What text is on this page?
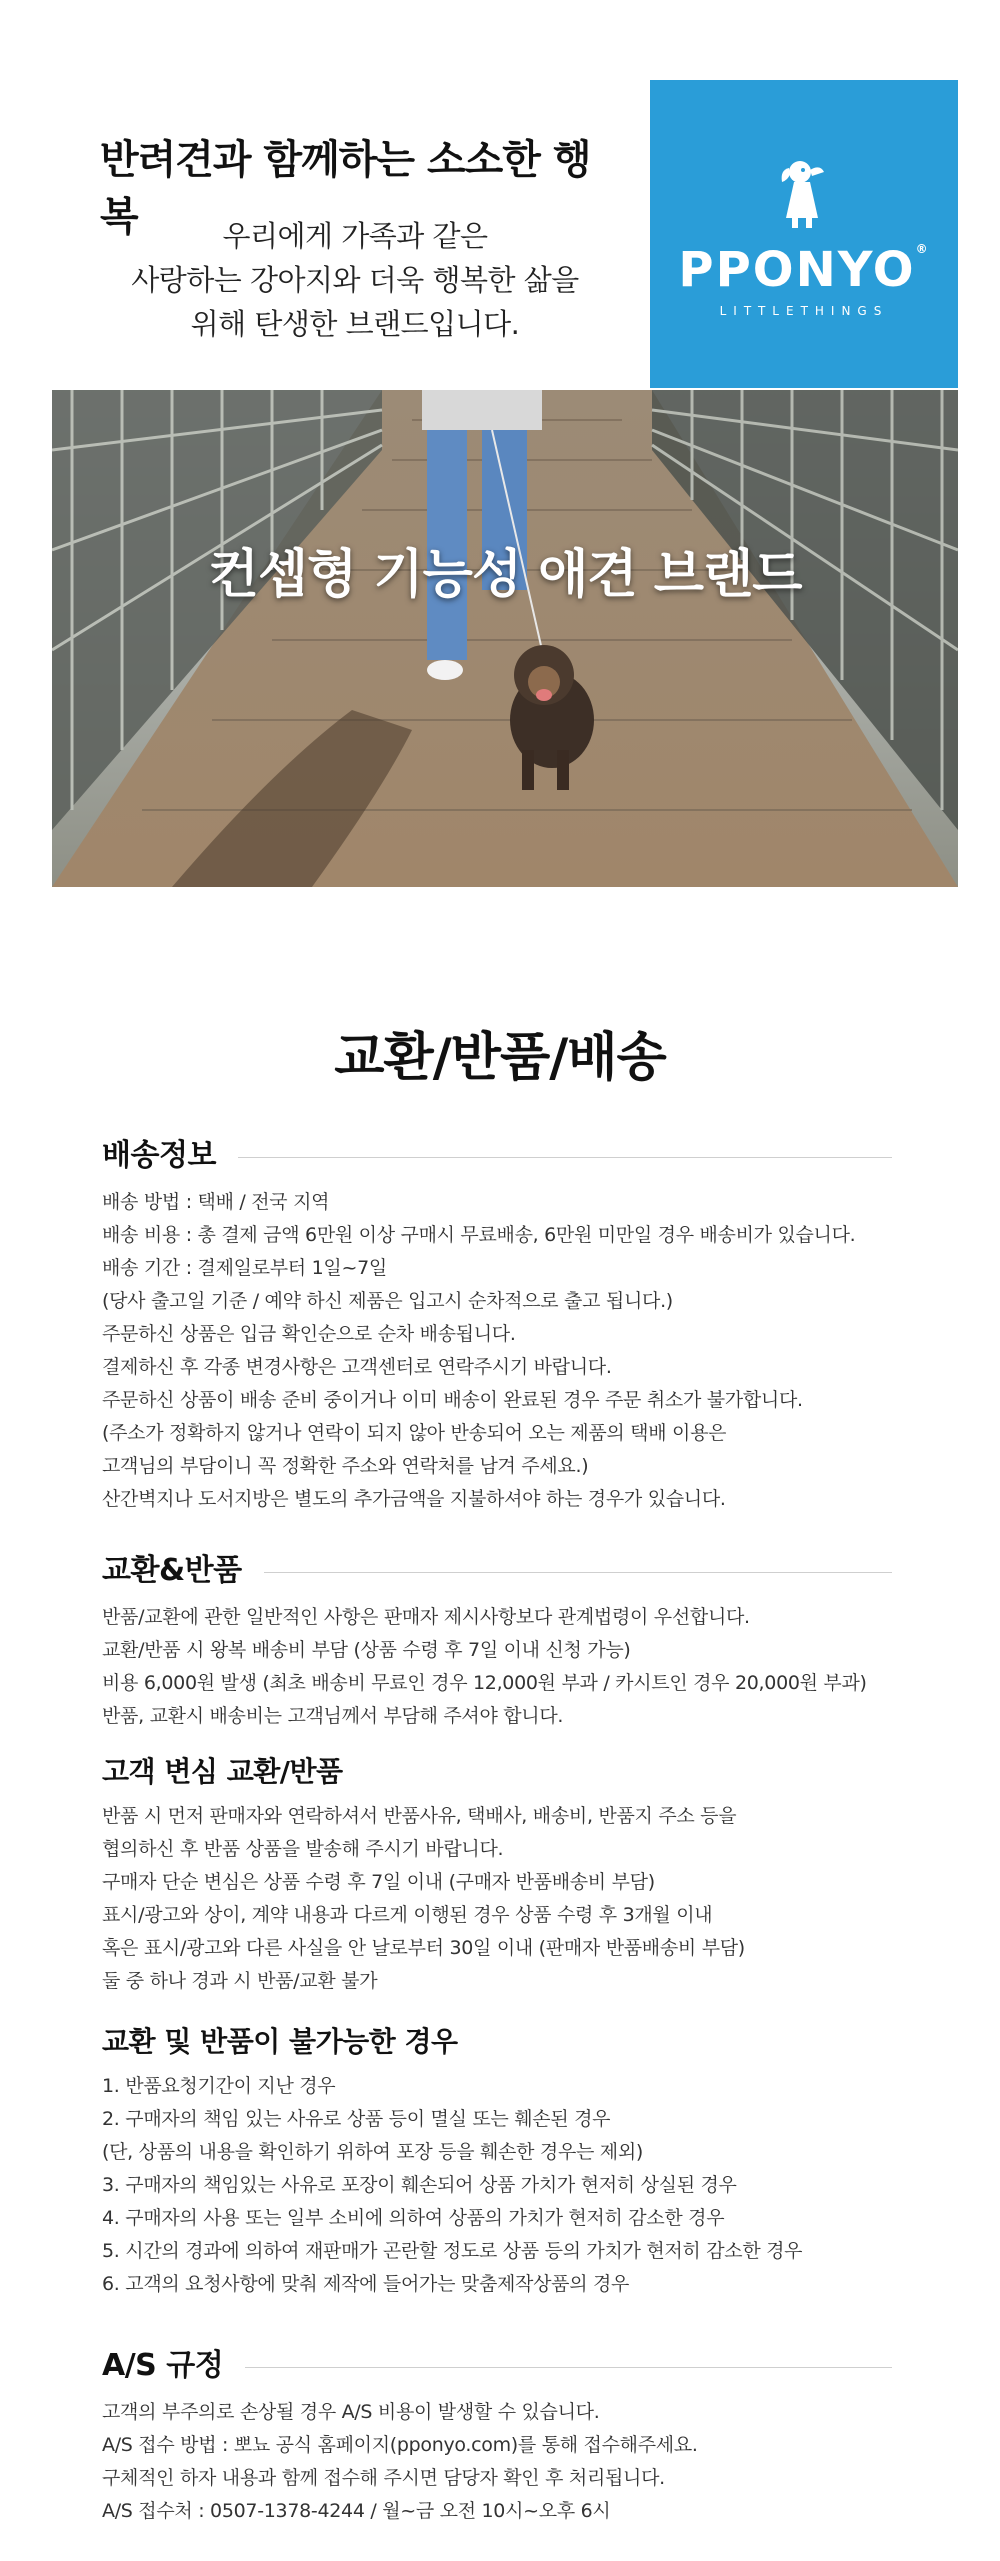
반려견과 함께하는 소소한 행복	우리에게 가족과 같은
사랑하는 강아지와 더욱 행복한 삶을
위해 탄생한 브랜드입니다.
PPONYO®
LITTLETHINGS
컨셉형 기능성 애견 브랜드
교환/반품/배송
배송정보
배송 방법 : 택배 / 전국 지역
배송 비용 : 총 결제 금액 6만원 이상 구매시 무료배송, 6만원 미만일 경우 배송비가 있습니다.
배송 기간 : 결제일로부터 1일~7일
(당사 출고일 기준 / 예약 하신 제품은 입고시 순차적으로 출고 됩니다.)
주문하신 상품은 입금 확인순으로 순차 배송됩니다.
결제하신 후 각종 변경사항은 고객센터로 연락주시기 바랍니다.
주문하신 상품이 배송 준비 중이거나 이미 배송이 완료된 경우 주문 취소가 불가합니다.
(주소가 정확하지 않거나 연락이 되지 않아 반송되어 오는 제품의 택배 이용은
고객님의 부담이니 꼭 정확한 주소와 연락처를 남겨 주세요.)
산간벽지나 도서지방은 별도의 추가금액을 지불하셔야 하는 경우가 있습니다.
교환&반품
반품/교환에 관한 일반적인 사항은 판매자 제시사항보다 관계법령이 우선합니다.
교환/반품 시 왕복 배송비 부담 (상품 수령 후 7일 이내 신청 가능)
비용 6,000원 발생 (최초 배송비 무료인 경우 12,000원 부과 / 카시트인 경우 20,000원 부과)
반품, 교환시 배송비는 고객님께서 부담해 주셔야 합니다.
고객 변심 교환/반품
반품 시 먼저 판매자와 연락하셔서 반품사유, 택배사, 배송비, 반품지 주소 등을
협의하신 후 반품 상품을 발송해 주시기 바랍니다.
구매자 단순 변심은 상품 수령 후 7일 이내 (구매자 반품배송비 부담)
표시/광고와 상이, 계약 내용과 다르게 이행된 경우 상품 수령 후 3개월 이내
혹은 표시/광고와 다른 사실을 안 날로부터 30일 이내 (판매자 반품배송비 부담)
둘 중 하나 경과 시 반품/교환 불가
교환 및 반품이 불가능한 경우
1. 반품요청기간이 지난 경우
2. 구매자의 책임 있는 사유로 상품 등이 멸실 또는 훼손된 경우
(단, 상품의 내용을 확인하기 위하여 포장 등을 훼손한 경우는 제외)
3. 구매자의 책임있는 사유로 포장이 훼손되어 상품 가치가 현저히 상실된 경우
4. 구매자의 사용 또는 일부 소비에 의하여 상품의 가치가 현저히 감소한 경우
5. 시간의 경과에 의하여 재판매가 곤란할 정도로 상품 등의 가치가 현저히 감소한 경우
6. 고객의 요청사항에 맞춰 제작에 들어가는 맞춤제작상품의 경우
A/S 규정
고객의 부주의로 손상될 경우 A/S 비용이 발생할 수 있습니다.
A/S 접수 방법 : 뽀뇨 공식 홈페이지(pponyo.com)를 통해 접수해주세요.
구체적인 하자 내용과 함께 접수해 주시면 담당자 확인 후 처리됩니다.
A/S 접수처 : 0507-1378-4244 / 월~금 오전 10시~오후 6시
